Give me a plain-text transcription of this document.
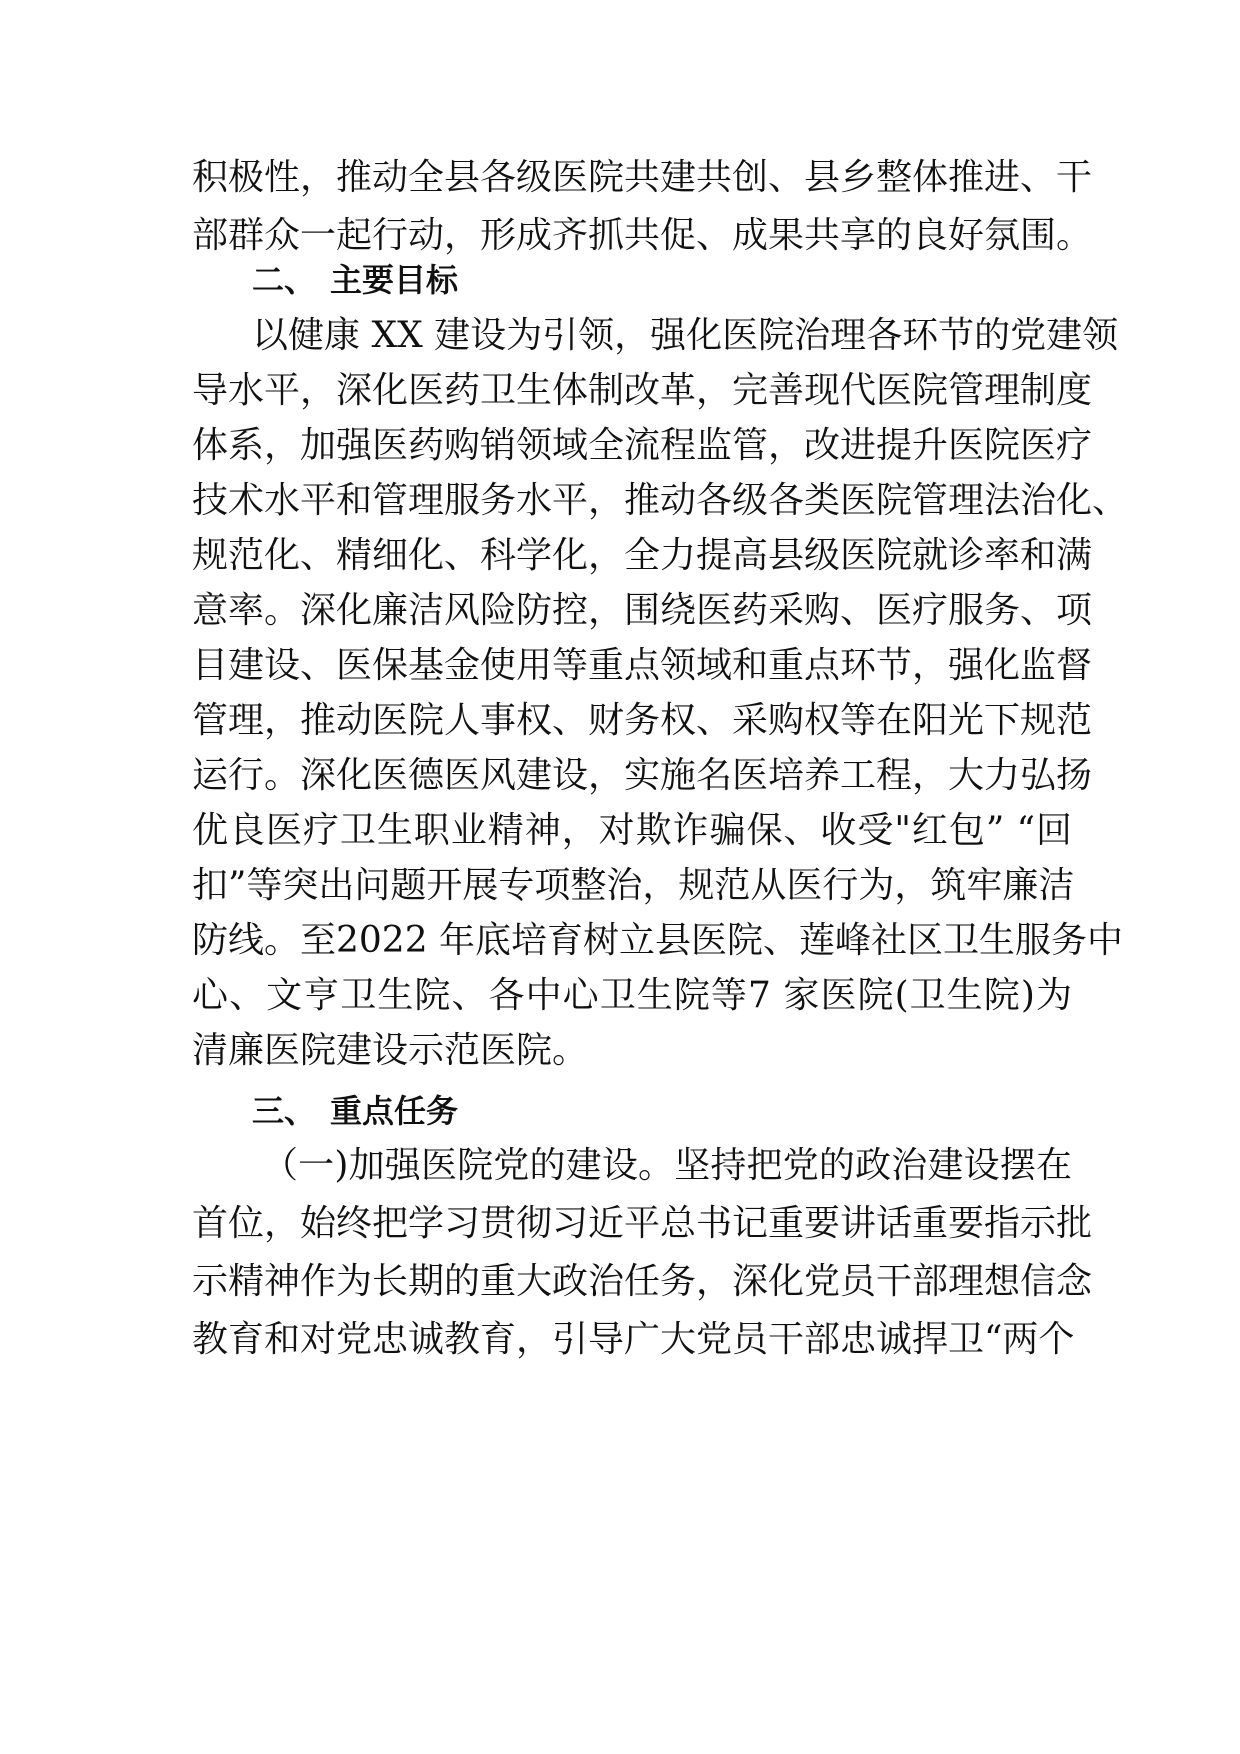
积极性，推动全县各级医院共建共创、县乡整体推进、干
部群众一起行动，形成齐抓共促、成果共享的良好氛围。
二、 主要目标
以健康 XX 建设为引领，强化医院治理各环节的党建领
导水平，深化医药卫生体制改革，完善现代医院管理制度
体系，加强医药购销领域全流程监管，改进提升医院医疗
技术水平和管理服务水平，推动各级各类医院管理法治化、
规范化、精细化、科学化，全力提高县级医院就诊率和满
意率。深化廉洁风险防控，围绕医药采购、医疗服务、项
目建设、医保基金使用等重点领域和重点环节，强化监督
管理，推动医院人事权、财务权、采购权等在阳光下规范
运行。深化医德医风建设，实施名医培养工程，大力弘扬
优良医疗卫生职业精神，对欺诈骗保、收受"红包” “回
扣”等突出问题开展专项整治，规范从医行为，筑牢廉洁
防线。至2022 年底培育树立县医院、莲峰社区卫生服务中
心、文亨卫生院、各中心卫生院等7 家医院(卫生院)为
清廉医院建设示范医院。
三、 重点任务
（一)加强医院党的建设。坚持把党的政治建设摆在
首位，始终把学习贯彻习近平总书记重要讲话重要指示批
示精神作为长期的重大政治任务，深化党员干部理想信念
教育和对党忠诚教育，引导广大党员干部忠诚捍卫“两个
